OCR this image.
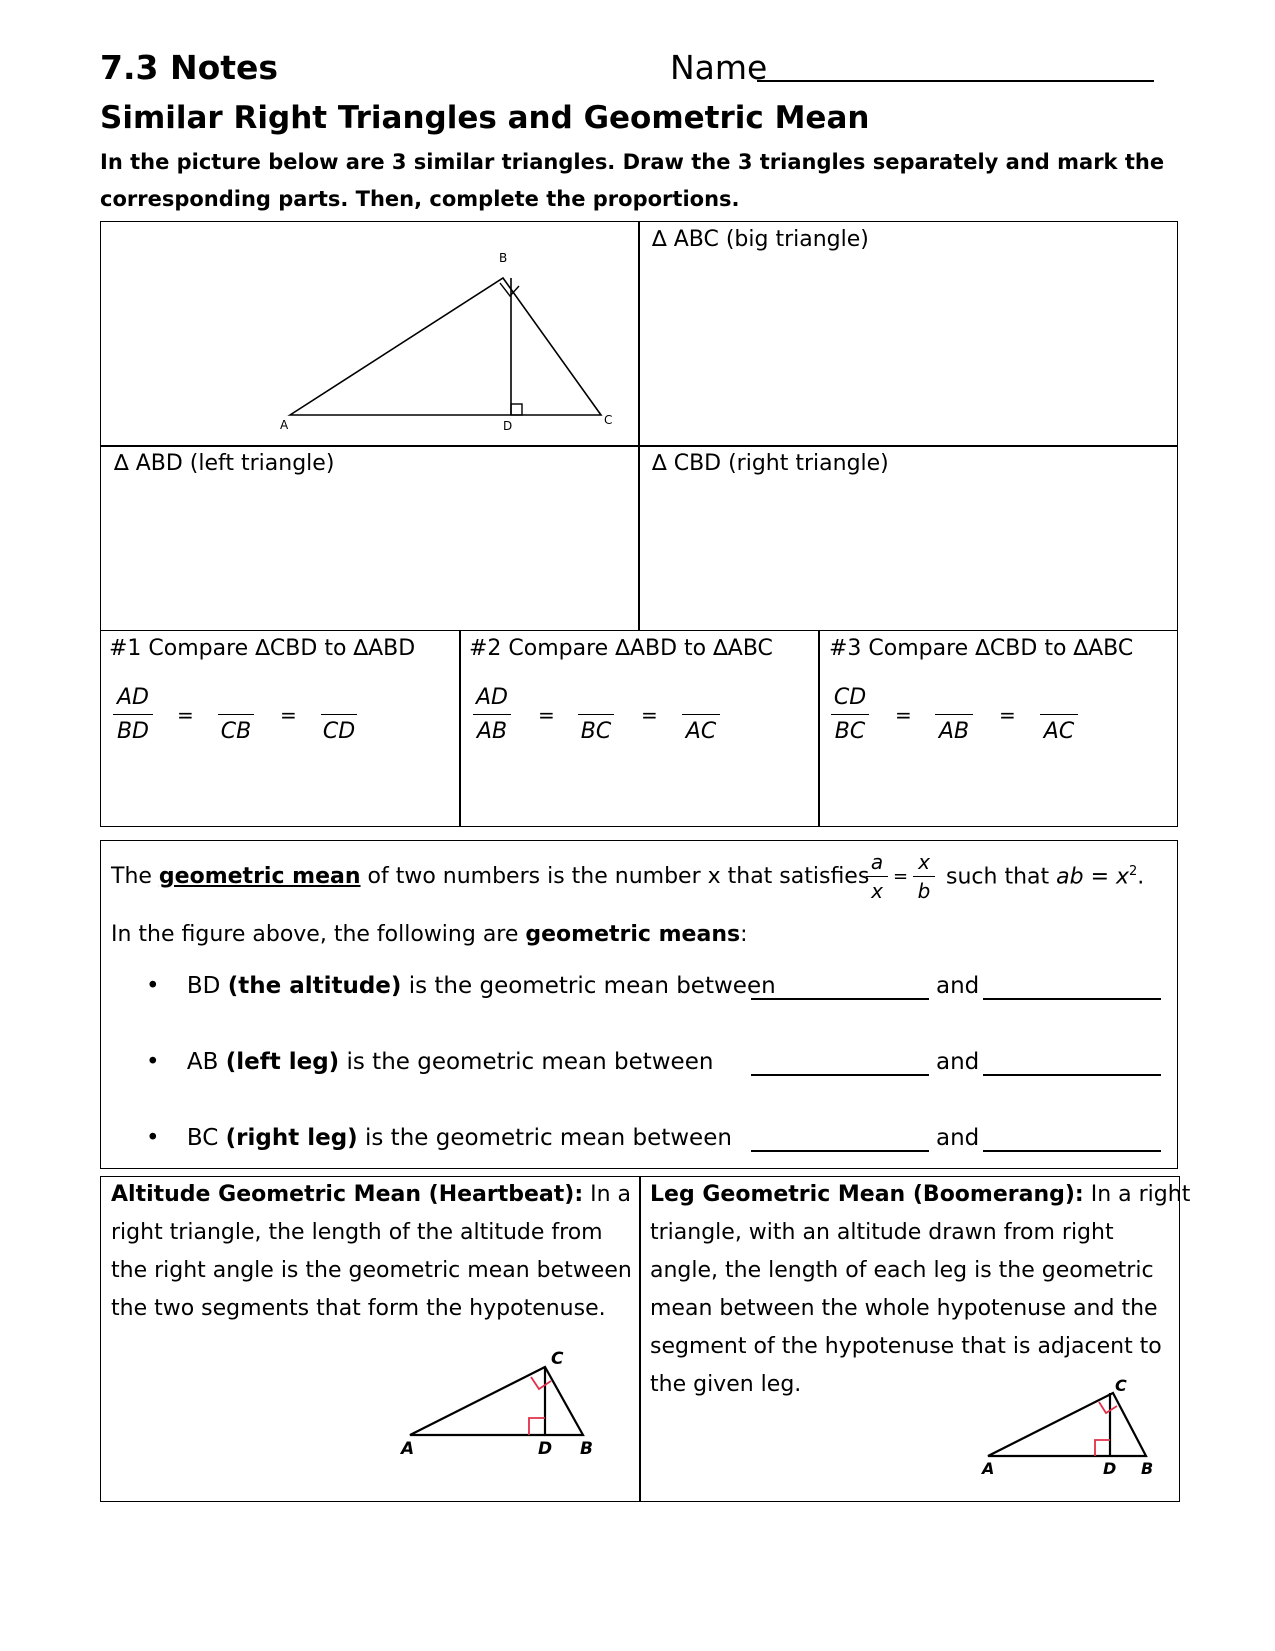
7.3 Notes	Name
Similar Right Triangles and Geometric Mean
In the picture below are 3 similar triangles. Draw the 3 triangles separately and mark the
corresponding parts. Then, complete the proportions.
B
A	D	C
∆ ABC (big triangle)
∆ ABD (left triangle)	∆ CBD (right triangle)
#1 Compare ∆CBD to ∆ABD
AD
BD
=

CB
=

CD
#2 Compare ∆ABD to ∆ABC
AD
AB
=

BC
=

AC
#3 Compare ∆CBD to ∆ABC
CD
BC
=

AB
=

AC
The geometric mean of two numbers is the number x that satisfies
a
x
=
x
b
such that ab = $x^2$.
In the figure above, the following are geometric means:
• BD (the altitude) is the geometric mean between	and
• AB (left leg) is the geometric mean between	and
• BC (right leg) is the geometric mean between	and
Altitude Geometric Mean (Heartbeat): In a
right triangle, the length of the altitude from
the right angle is the geometric mean between
the two segments that form the hypotenuse.
Leg Geometric Mean (Boomerang): In a right
triangle, with an altitude drawn from right
angle, the length of each leg is the geometric
mean between the whole hypotenuse and the
segment of the hypotenuse that is adjacent to
the given leg.
C
A	D B
C
A	D B
